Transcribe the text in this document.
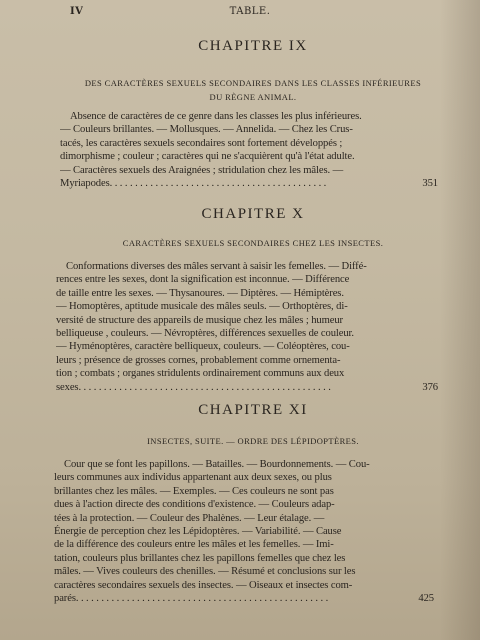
IV	TABLE.
CHAPITRE IX
DES CARACTÈRES SEXUELS SECONDAIRES DANS LES CLASSES INFÉRIEURES
DU RÈGNE ANIMAL.
Absence de caractères de ce genre dans les classes les plus inférieures.
— Couleurs brillantes. — Mollusques. — Annelida. — Chez les Crus-
tacés, les caractères sexuels secondaires sont fortement développés ;
dimorphisme ; couleur ; caractères qui ne s'acquièrent qu'à l'état adulte.
— Caractères sexuels des Araignées ; stridulation chez les mâles. —
Myriapodes. . . . . . . . . . . . . . . . . . . . . . . . . . . . . . . . . . . . . . . . . . .	351
CHAPITRE X
CARACTÈRES SEXUELS SECONDAIRES CHEZ LES INSECTES.
Conformations diverses des mâles servant à saisir les femelles. — Diffé-
rences entre les sexes, dont la signification est inconnue. — Différence
de taille entre les sexes. — Thysanoures. — Diptères. — Hémiptères.
— Homoptères, aptitude musicale des mâles seuls. — Orthoptères, di-
versité de structure des appareils de musique chez les mâles ; humeur
belliqueuse , couleurs. — Névroptères, différences sexuelles de couleur.
— Hyménoptères, caractère belliqueux, couleurs. — Coléoptères, cou-
leurs ; présence de grosses cornes, probablement comme ornementa-
tion ; combats ; organes stridulents ordinairement communs aux deux
sexes. . . . . . . . . . . . . . . . . . . . . . . . . . . . . . . . . . . . . . . . . . . . . . . . . .	376
CHAPITRE XI
INSECTES, SUITE. — ORDRE DES LÉPIDOPTÈRES.
Cour que se font les papillons. — Batailles. — Bourdonnements. — Cou-
leurs communes aux individus appartenant aux deux sexes, ou plus
brillantes chez les mâles. — Exemples. — Ces couleurs ne sont pas
dues à l'action directe des conditions d'existence. — Couleurs adap-
tées à la protection. — Couleur des Phalènes. — Leur étalage. —
Énergie de perception chez les Lépidoptères. — Variabilité. — Cause
de la différence des couleurs entre les mâles et les femelles. — Imi-
tation, couleurs plus brillantes chez les papillons femelles que chez les
mâles. — Vives couleurs des chenilles. — Résumé et conclusions sur les
caractères secondaires sexuels des insectes. — Oiseaux et insectes com-
parés. . . . . . . . . . . . . . . . . . . . . . . . . . . . . . . . . . . . . . . . . . . . . . . . . .	425
